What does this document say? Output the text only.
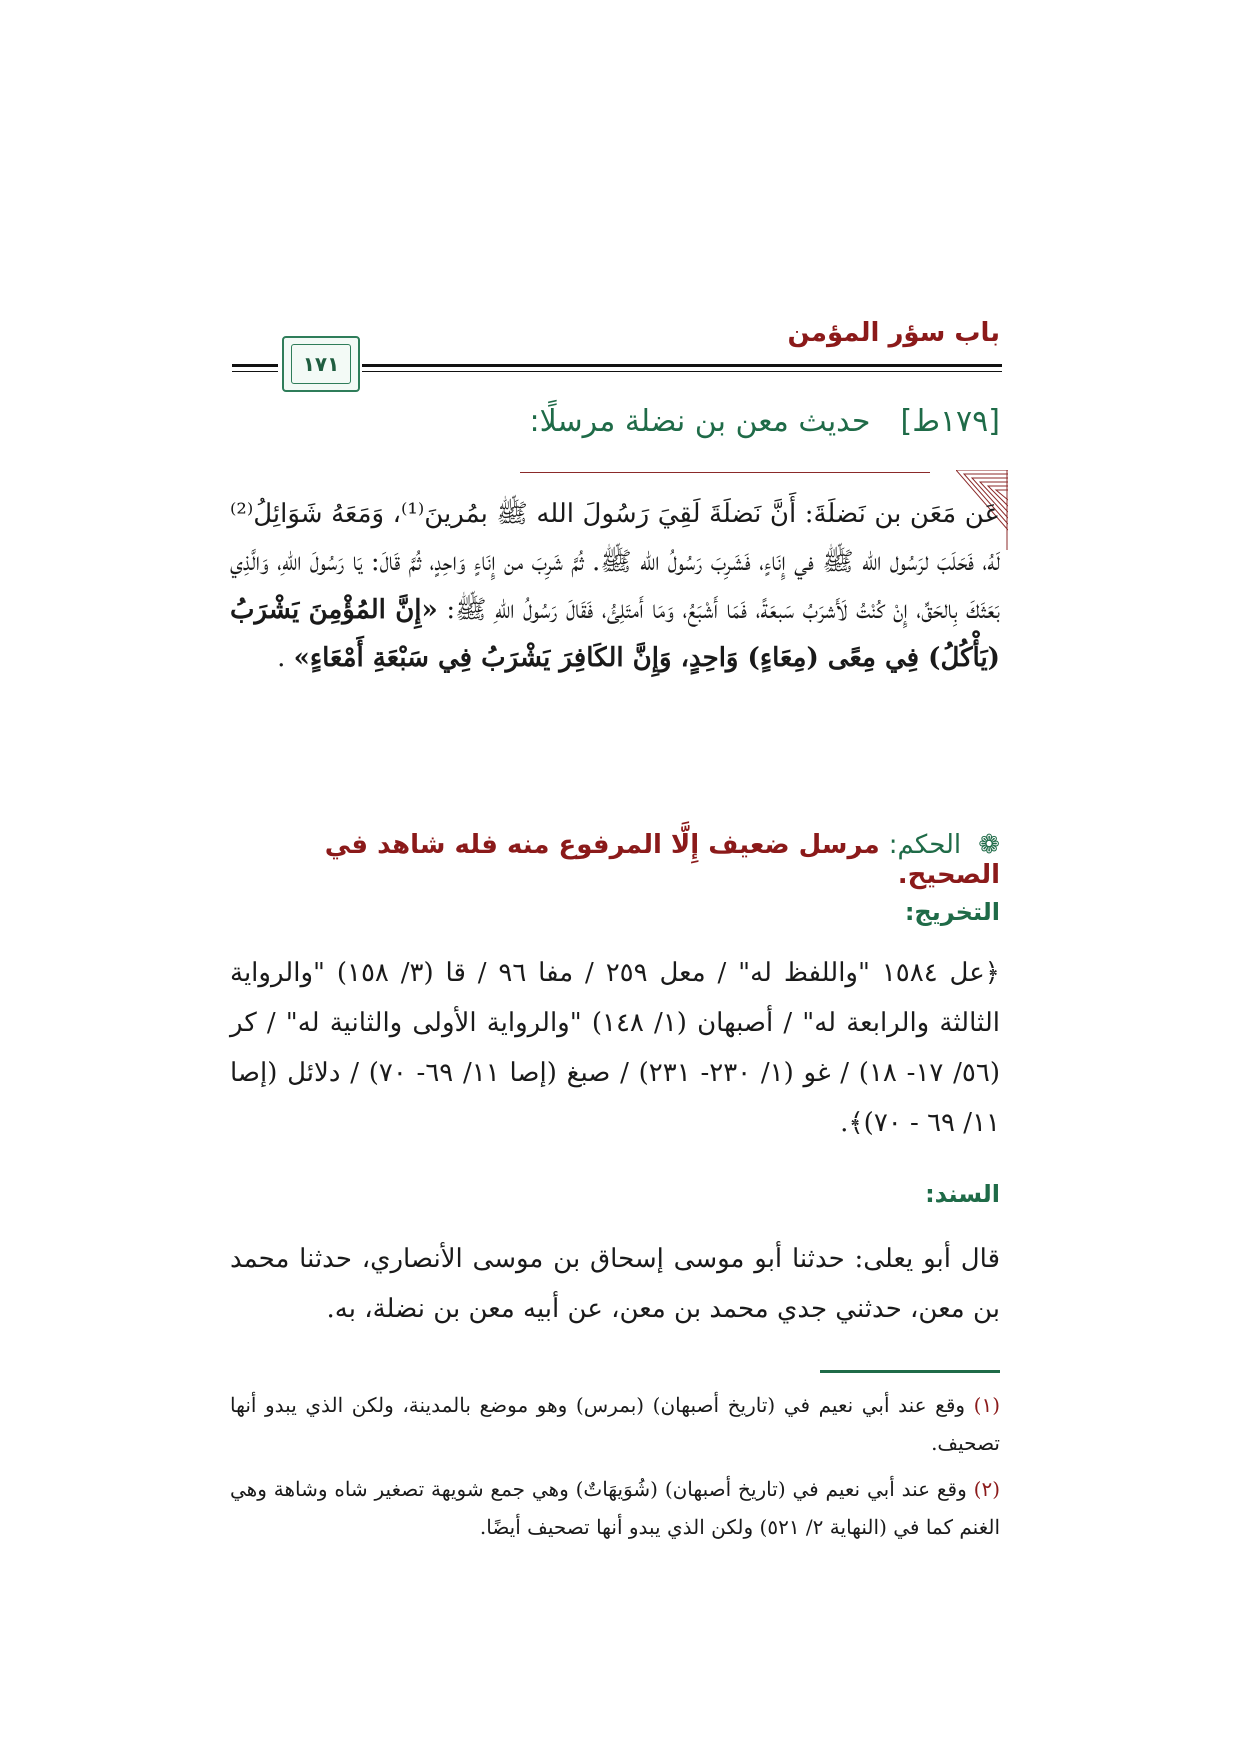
باب سؤر المؤمن
١٧١
[١٧٩ط]
حديث معن بن نضلة مرسلًا:
عَن مَعَن بن نَضلَةَ: أَنَّ نَضلَةَ لَقِيَ رَسُولَ الله ﷺ بمُرينَ⁽¹⁾، وَمَعَهُ شَوَائِلُ⁽²⁾ لَهُ، فَحَلَبَ لرَسُول الله ﷺ في إِنَاءٍ، فَشَرِبَ رَسُولُ الله ﷺ. ثُمَّ شَرِبَ من إِنَاءٍ وَاحِدٍ، ثُمَّ قَالَ: يَا رَسُولَ اللهِ، وَالَّذِي بَعَثَكَ بِالحَقِّ، إِنْ كُنْتُ لَأَشرَبُ سَبعَةً، فَمَا أَشْبَعُ، وَمَا أَمتَلِئُ، فَقَالَ رَسُولُ اللهِ ﷺ: «إِنَّ المُؤْمِنَ يَشْرَبُ (يَأْكُلُ) فِي مِعًى (مِعَاءٍ) وَاحِدٍ، وَإِنَّ الكَافِرَ يَشْرَبُ فِي سَبْعَةِ أَمْعَاءٍ» .
❁ الحكم: مرسل ضعيف إِلَّا المرفوع منه فله شاهد في الصحيح.
التخريج:
﴿عل ١٥٨٤ "واللفظ له" / معل ٢٥٩ / مفا ٩٦ / قا (٣/ ١٥٨) "والرواية الثالثة والرابعة له" / أصبهان (١/ ١٤٨) "والرواية الأولى والثانية له" / كر (٥٦/ ١٧- ١٨) / غو (١/ ٢٣٠- ٢٣١) / صبغ (إصا ١١/ ٦٩- ٧٠) / دلائل (إصا ١١/ ٦٩ - ٧٠)﴾.
السند:
قال أبو يعلى: حدثنا أبو موسى إسحاق بن موسى الأنصاري، حدثنا محمد بن معن، حدثني جدي محمد بن معن، عن أبيه معن بن نضلة، به.
(١) وقع عند أبي نعيم في (تاريخ أصبهان) (بمرس) وهو موضع بالمدينة، ولكن الذي يبدو أنها تصحيف.
(٢) وقع عند أبي نعيم في (تاريخ أصبهان) (شُوَيهَاتٌ) وهي جمع شويهة تصغير شاه وشاهة وهي الغنم كما في (النهاية ٢/ ٥٢١) ولكن الذي يبدو أنها تصحيف أيضًا.
